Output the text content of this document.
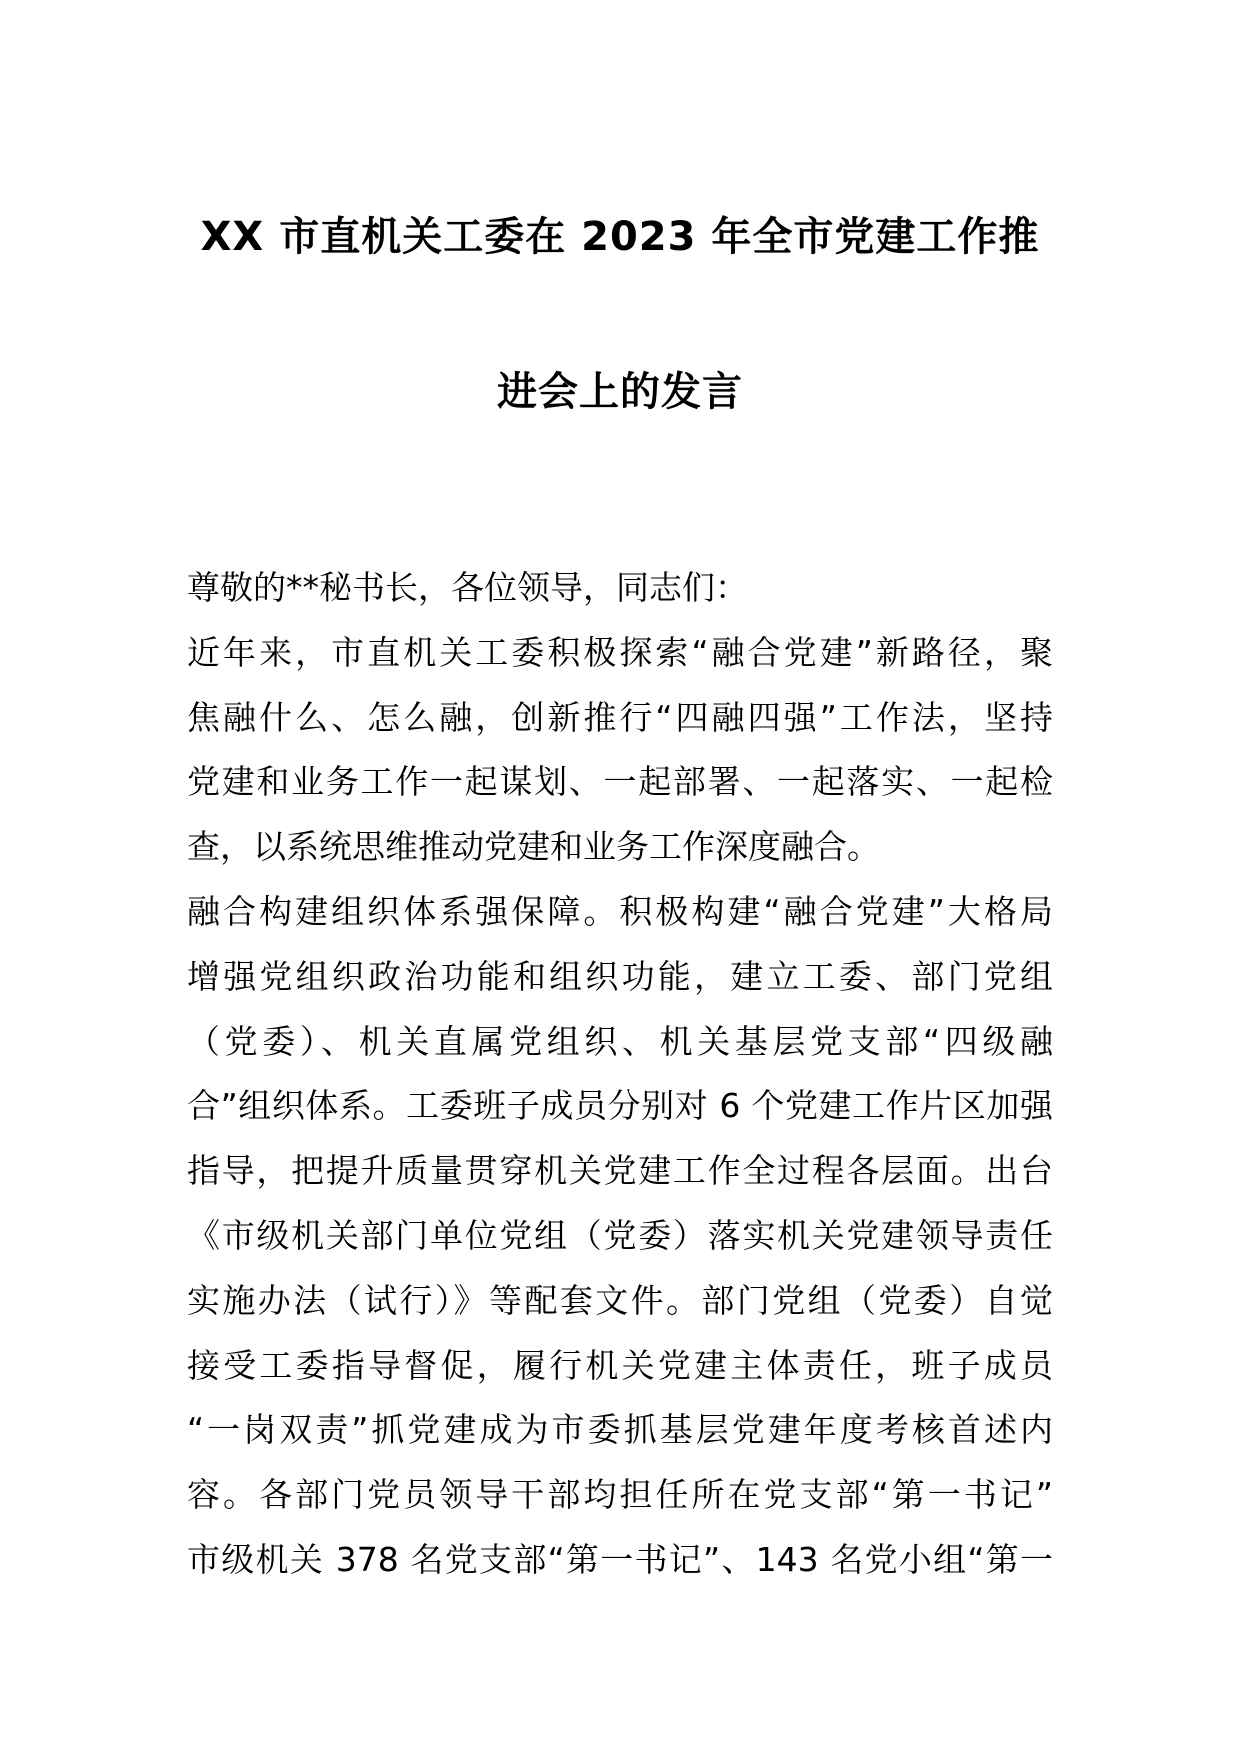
XX 市直机关工委在 2023 年全市党建工作推
进会上的发言
尊敬的**秘书长，各位领导，同志们：
近年来，市直机关工委积极探索“融合党建”新路径，聚
焦融什么、怎么融，创新推行“四融四强”工作法，坚持
党建和业务工作一起谋划、一起部署、一起落实、一起检
查，以系统思维推动党建和业务工作深度融合。
融合构建组织体系强保障。积极构建“融合党建”大格局
增强党组织政治功能和组织功能，建立工委、部门党组
（党委）、机关直属党组织、机关基层党支部“四级融
合”组织体系。工委班子成员分别对 6 个党建工作片区加强
指导，把提升质量贯穿机关党建工作全过程各层面。出台
《市级机关部门单位党组（党委）落实机关党建领导责任
实施办法（试行）》等配套文件。部门党组（党委）自觉
接受工委指导督促，履行机关党建主体责任，班子成员
“一岗双责”抓党建成为市委抓基层党建年度考核首述内
容。各部门党员领导干部均担任所在党支部“第一书记”
市级机关 378 名党支部“第一书记”、143 名党小组“第一
